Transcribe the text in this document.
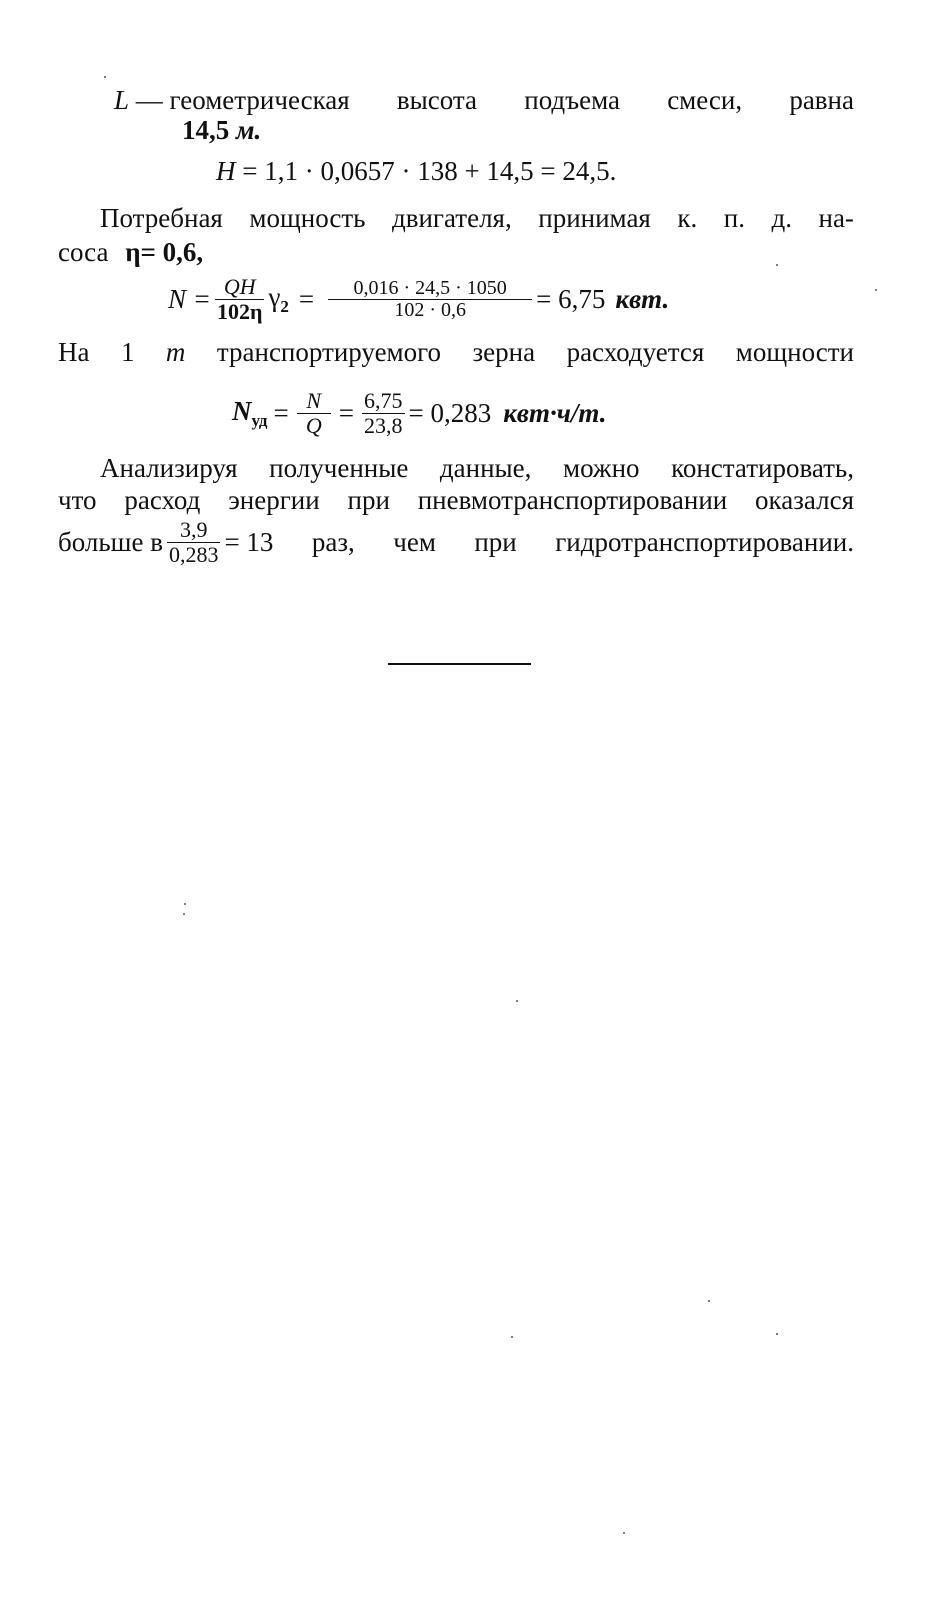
L — геометрическая высота подъема смеси, равна
14,5 м.
H = 1,1 · 0,0657 · 138 + 14,5 = 24,5.
Потребная мощность двигателя, принимая к. п. д. на-
соса η= 0,6,
$N = \frac{QH}{102\eta} \gamma_2 = \frac{0,016 \cdot 24,5 \cdot 1050}{102 \cdot 0,6} = 6,75$ квт.
На 1 т транспортируемого зерна расходуется мощности
$N_{уд} = \frac{N}{Q} = \frac{6,75}{23,8} = 0,283$ квт·ч/т.
Анализируя полученные данные, можно констатировать,
что расход энергии при пневмотранспортировании оказался
больше в $\frac{3,9}{0,283} = 13$ раз, чем при гидротранспортировании.
